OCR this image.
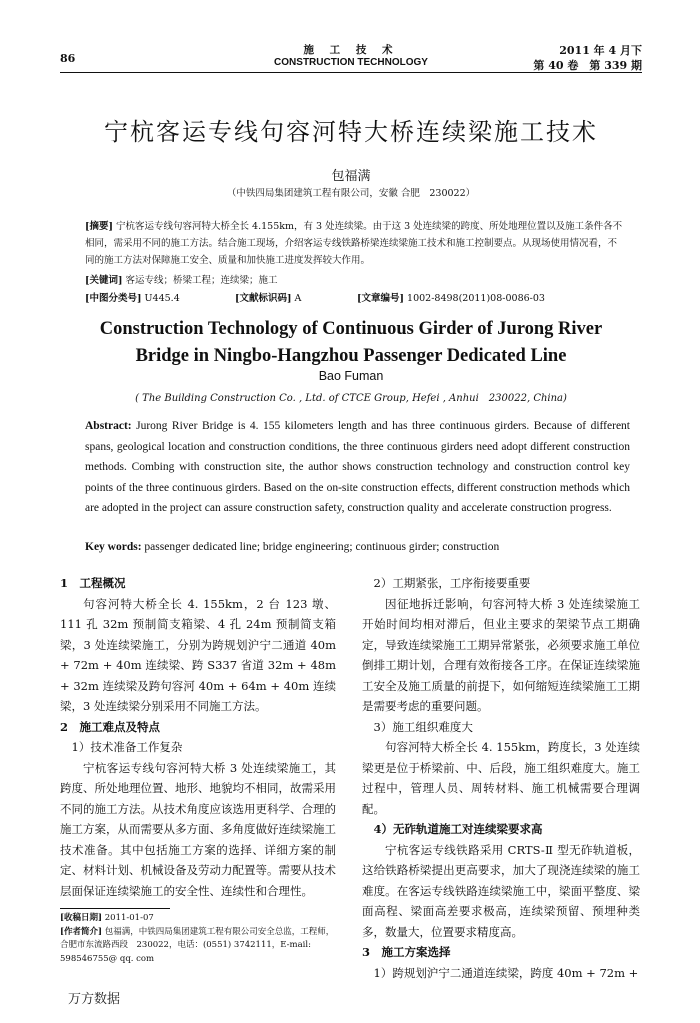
86
施 工 技 术
CONSTRUCTION TECHNOLOGY
2011 年 4 月下
第 40 卷　第 339 期
宁杭客运专线句容河特大桥连续梁施工技术
包福满
（中铁四局集团建筑工程有限公司，安徽 合肥　230022）
[摘要] 宁杭客运专线句容河特大桥全长 4.155km，有 3 处连续梁。由于这 3 处连续梁的跨度、所处地理位置以及施工条件各不相同，需采用不同的施工方法。结合施工现场，介绍客运专线铁路桥梁连续梁施工技术和施工控制要点。从现场使用情况看，不同的施工方法对保障施工安全、质量和加快施工进度发挥较大作用。
[关键词] 客运专线；桥梁工程；连续梁；施工
[中图分类号] U445.4	[文献标识码] A	[文章编号] 1002-8498(2011)08-0086-03
Construction Technology of Continuous Girder of Jurong River
Bridge in Ningbo-Hangzhou Passenger Dedicated Line
Bao Fuman
( The Building Construction Co. , Ltd. of CTCE Group, Hefei , Anhui　230022, China)
Abstract: Jurong River Bridge is 4. 155 kilometers length and has three continuous girders. Because of different spans, geological location and construction conditions, the three continuous girders need adopt different construction methods. Combing with construction site, the author shows construction technology and construction control key points of the three continuous girders. Based on the on-site construction effects, different construction methods which are adopted in the project can assure construction safety, construction quality and accelerate construction progress.
Key words: passenger dedicated line; bridge engineering; continuous girder; construction

1　工程概况

句容河特大桥全长 4. 155km，2 台 123 墩、111 孔 32m 预制简支箱梁、4 孔 24m 预制简支箱梁，3 处连续梁施工，分别为跨规划沪宁二通道 40m + 72m + 40m 连续梁、跨 S337 省道 32m + 48m + 32m 连续梁及跨句容河 40m + 64m + 40m 连续梁，3 处连续梁分别采用不同施工方法。

2　施工难点及特点

1）技术准备工作复杂

宁杭客运专线句容河特大桥 3 处连续梁施工，其跨度、所处地理位置、地形、地貌均不相同，故需采用不同的施工方法。从技术角度应该选用更科学、合理的施工方案，从而需要从多方面、多角度做好连续梁施工技术准备。其中包括施工方案的选择、详细方案的制定、材料计划、机械设备及劳动力配置等。需要从技术层面保证连续梁施工的安全性、连续性和合理性。

[收稿日期] 2011-01-07
[作者简介] 包福满，中铁四局集团建筑工程有限公司安全总监，工程师，合肥市东流路西段　230022，电话：(0551) 3742111，E-mail: 598546755@ qq. com

2）工期紧张，工序衔接要重要

因征地拆迁影响，句容河特大桥 3 处连续梁施工开始时间均相对滞后，但业主要求的架梁节点工期确定，导致连续梁施工工期异常紧张，必须要求施工单位倒排工期计划，合理有效衔接各工序。在保证连续梁施工安全及施工质量的前提下，如何缩短连续梁施工工期是需要考虑的重要问题。

3）施工组织难度大

句容河特大桥全长 4. 155km，跨度长，3 处连续梁更是位于桥梁前、中、后段，施工组织难度大。施工过程中，管理人员、周转材料、施工机械需要合理调配。

4）无砟轨道施工对连续梁要求高

宁杭客运专线铁路采用 CRTS-Ⅱ 型无砟轨道板，这给铁路桥梁提出更高要求，加大了现浇连续梁的施工难度。在客运专线铁路连续梁施工中，梁面平整度、梁面高程、梁面高差要求极高，连续梁预留、预埋种类多，数量大，位置要求精度高。

3　施工方案选择

1）跨规划沪宁二通道连续梁，跨度 40m + 72m +

万方数据
